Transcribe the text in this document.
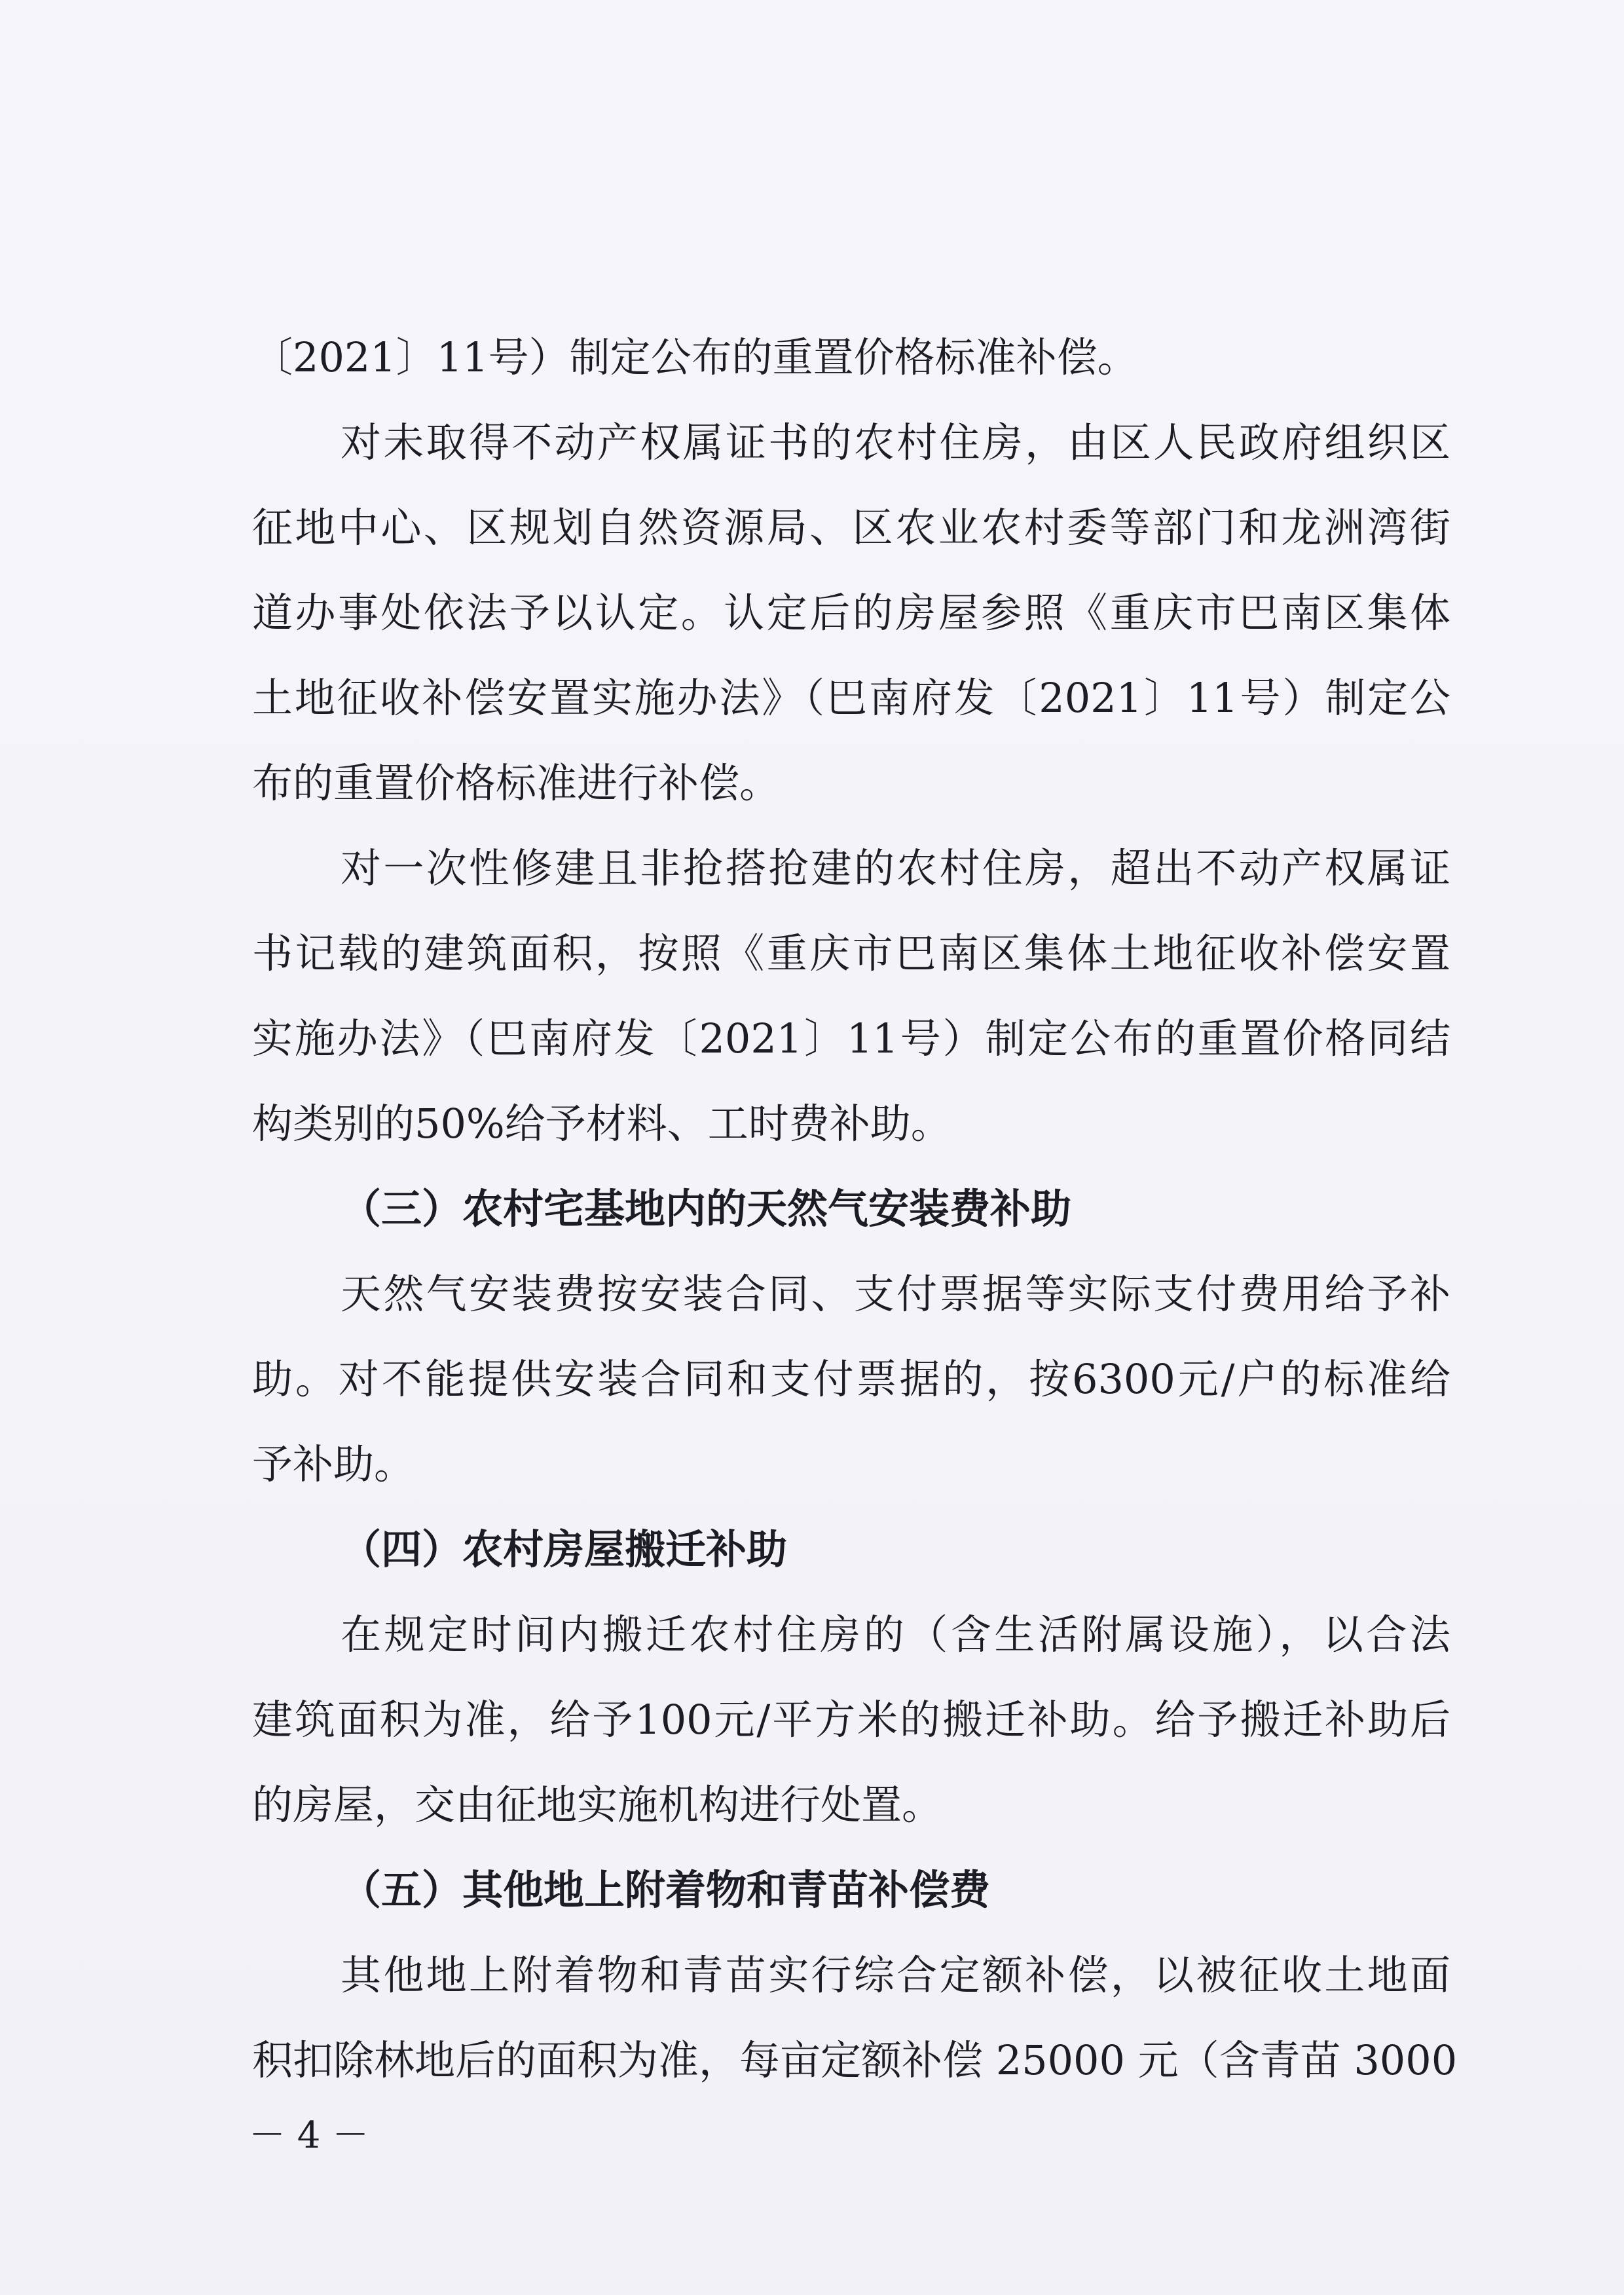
〔2021〕11号）制定公布的重置价格标准补偿。

对未取得不动产权属证书的农村住房，由区人民政府组织区

征地中心、区规划自然资源局、区农业农村委等部门和龙洲湾街

道办事处依法予以认定。认定后的房屋参照《重庆市巴南区集体

土地征收补偿安置实施办法》（巴南府发〔2021〕11号）制定公

布的重置价格标准进行补偿。

对一次性修建且非抢搭抢建的农村住房，超出不动产权属证

书记载的建筑面积，按照《重庆市巴南区集体土地征收补偿安置

实施办法》（巴南府发〔2021〕11号）制定公布的重置价格同结

构类别的50%给予材料、工时费补助。

（三）农村宅基地内的天然气安装费补助

天然气安装费按安装合同、支付票据等实际支付费用给予补

助。对不能提供安装合同和支付票据的，按6300元/户的标准给

予补助。

（四）农村房屋搬迁补助

在规定时间内搬迁农村住房的（含生活附属设施），以合法

建筑面积为准，给予100元/平方米的搬迁补助。给予搬迁补助后

的房屋，交由征地实施机构进行处置。

（五）其他地上附着物和青苗补偿费

其他地上附着物和青苗实行综合定额补偿，以被征收土地面

积扣除林地后的面积为准，每亩定额补偿 25000 元（含青苗 3000

－ 4 －
